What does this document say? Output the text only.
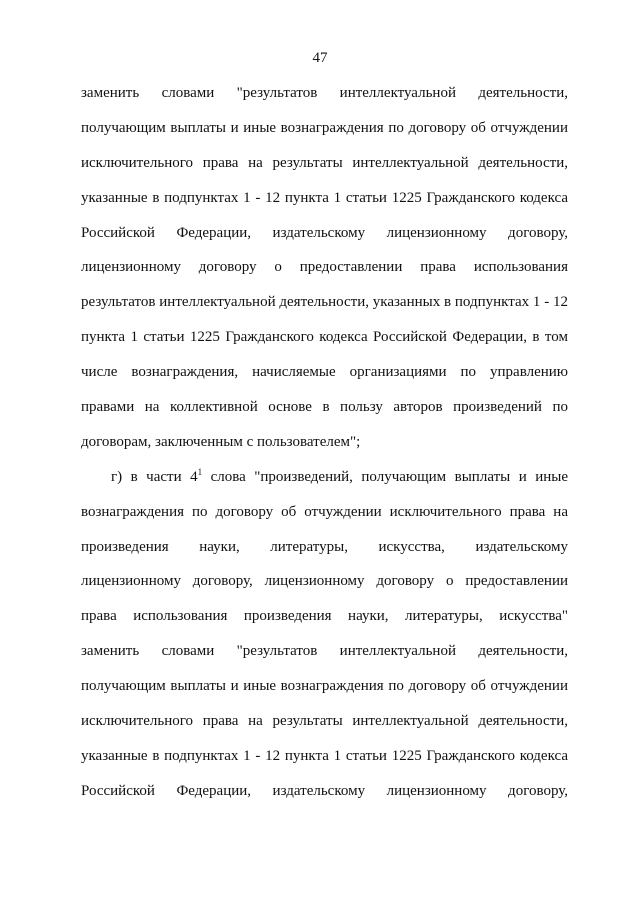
47
заменить словами "результатов интеллектуальной деятельности,
получающим выплаты и иные вознаграждения по договору об отчуждении
исключительного права на результаты интеллектуальной деятельности,
указанные в подпунктах 1 - 12 пункта 1 статьи 1225 Гражданского кодекса
Российской Федерации, издательскому лицензионному договору,
лицензионному договору о предоставлении права использования
результатов интеллектуальной деятельности, указанных в подпунктах 1 - 12
пункта 1 статьи 1225 Гражданского кодекса Российской Федерации, в том
числе вознаграждения, начисляемые организациями по управлению
правами на коллективной основе в пользу авторов произведений по
договорам, заключенным с пользователем";
г) в части $4^1$ слова "произведений, получающим выплаты и иные
вознаграждения по договору об отчуждении исключительного права на
произведения науки, литературы, искусства, издательскому
лицензионному договору, лицензионному договору о предоставлении
права использования произведения науки, литературы, искусства"
заменить словами "результатов интеллектуальной деятельности,
получающим выплаты и иные вознаграждения по договору об отчуждении
исключительного права на результаты интеллектуальной деятельности,
указанные в подпунктах 1 - 12 пункта 1 статьи 1225 Гражданского кодекса
Российской Федерации, издательскому лицензионному договору,
